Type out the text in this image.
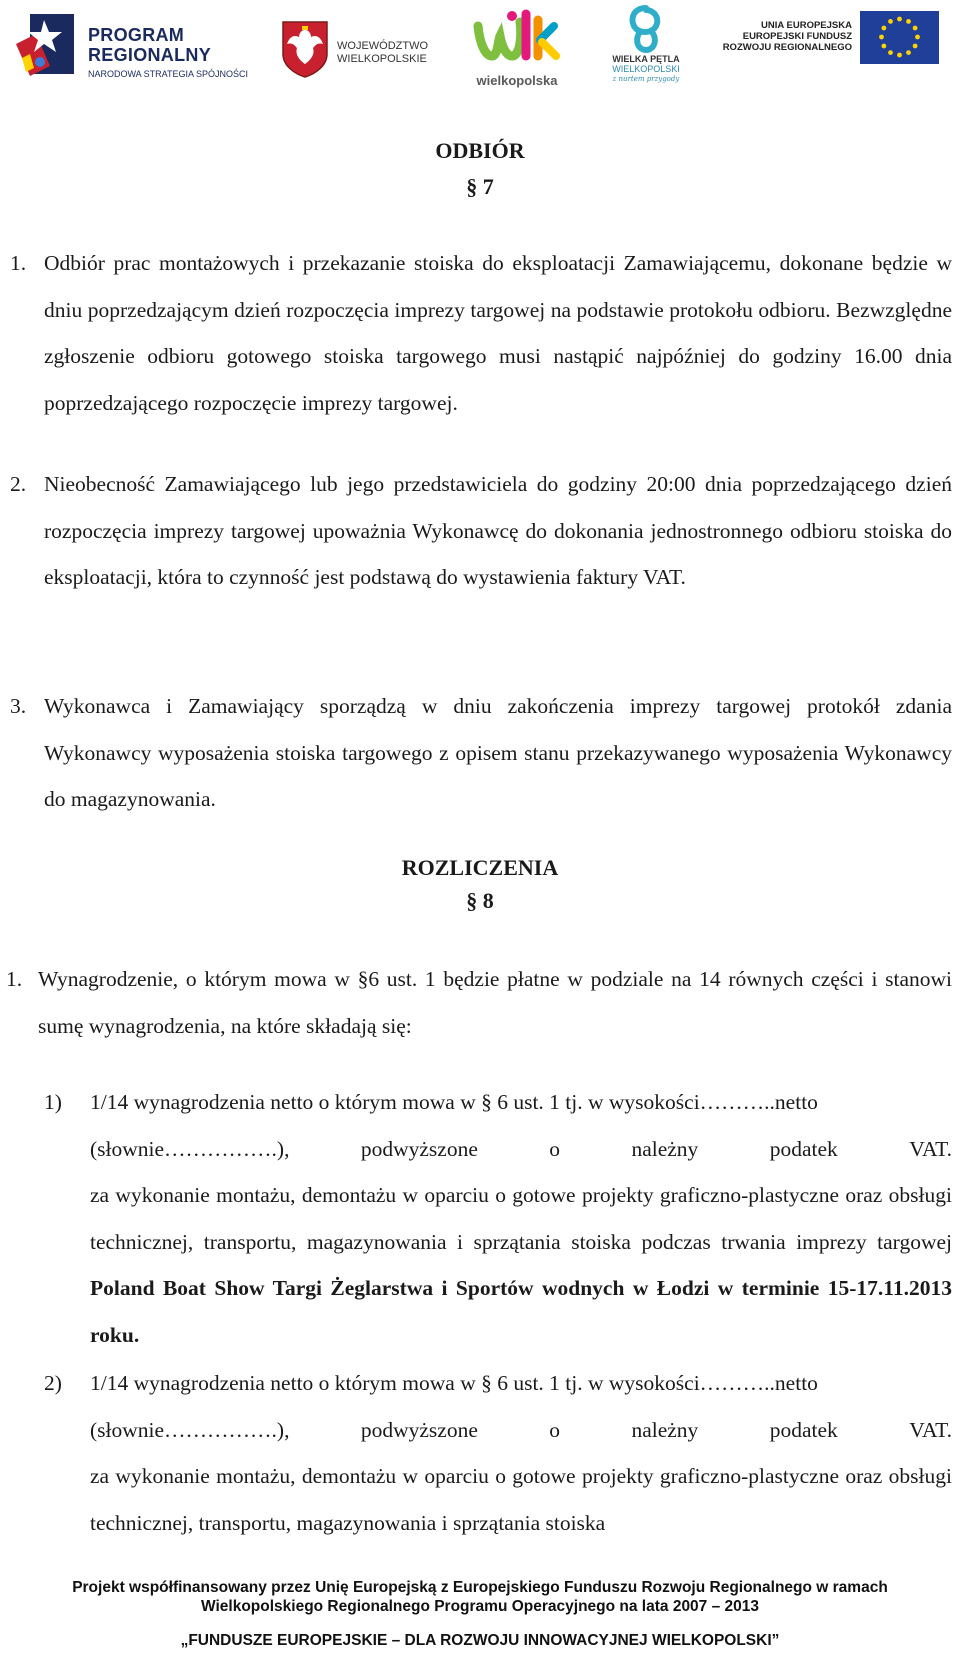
PROGRAM
REGIONALNY
NARODOWA STRATEGIA SPÓJNOŚCI
WOJEWÓDZTWO
WIELKOPOLSKIE
wielkopolska
WIELKA PĘTLA
WIELKOPOLSKI
z nurtem przygody
UNIA EUROPEJSKA
EUROPEJSKI FUNDUSZ
ROZWOJU REGIONALNEGO
ODBIÓR
§ 7
1. Odbiór prac montażowych i przekazanie stoiska do eksploatacji Zamawiającemu, dokonane będzie w dniu poprzedzającym dzień rozpoczęcia imprezy targowej na podstawie protokołu odbioru. Bezwzględne zgłoszenie odbioru gotowego stoiska targowego musi nastąpić najpóźniej do godziny 16.00 dnia poprzedzającego rozpoczęcie imprezy targowej.
2. Nieobecność Zamawiającego lub jego przedstawiciela do godziny 20:00 dnia poprzedzającego dzień rozpoczęcia imprezy targowej upoważnia Wykonawcę do dokonania jednostronnego odbioru stoiska do eksploatacji, która to czynność jest podstawą do wystawienia faktury VAT.
3. Wykonawca i Zamawiający sporządzą w dniu zakończenia imprezy targowej protokół zdania Wykonawcy wyposażenia stoiska targowego z opisem stanu przekazywanego wyposażenia Wykonawcy do magazynowania.
ROZLICZENIA
§ 8
1. Wynagrodzenie, o którym mowa w §6 ust. 1 będzie płatne w podziale na 14 równych części i stanowi sumę wynagrodzenia, na które składają się:
1) 1/14 wynagrodzenia netto o którym mowa w § 6 ust. 1 tj. w wysokości………..netto
(słownie…………….),	podwyższone	o	należny	podatek	VAT.
za wykonanie montażu, demontażu w oparciu o gotowe projekty graficzno-plastyczne oraz obsługi technicznej, transportu, magazynowania i sprzątania stoiska podczas trwania imprezy targowej Poland Boat Show Targi Żeglarstwa i Sportów wodnych w Łodzi w terminie 15-17.11.2013 roku.
2) 1/14 wynagrodzenia netto o którym mowa w § 6 ust. 1 tj. w wysokości………..netto
(słownie…………….),	podwyższone	o	należny	podatek	VAT.
za wykonanie montażu, demontażu w oparciu o gotowe projekty graficzno-plastyczne oraz obsługi technicznej, transportu, magazynowania i sprzątania stoiska
Projekt współfinansowany przez Unię Europejską z Europejskiego Funduszu Rozwoju Regionalnego w ramach
Wielkopolskiego Regionalnego Programu Operacyjnego na lata 2007 – 2013
„FUNDUSZE EUROPEJSKIE – DLA ROZWOJU INNOWACYJNEJ WIELKOPOLSKI”
